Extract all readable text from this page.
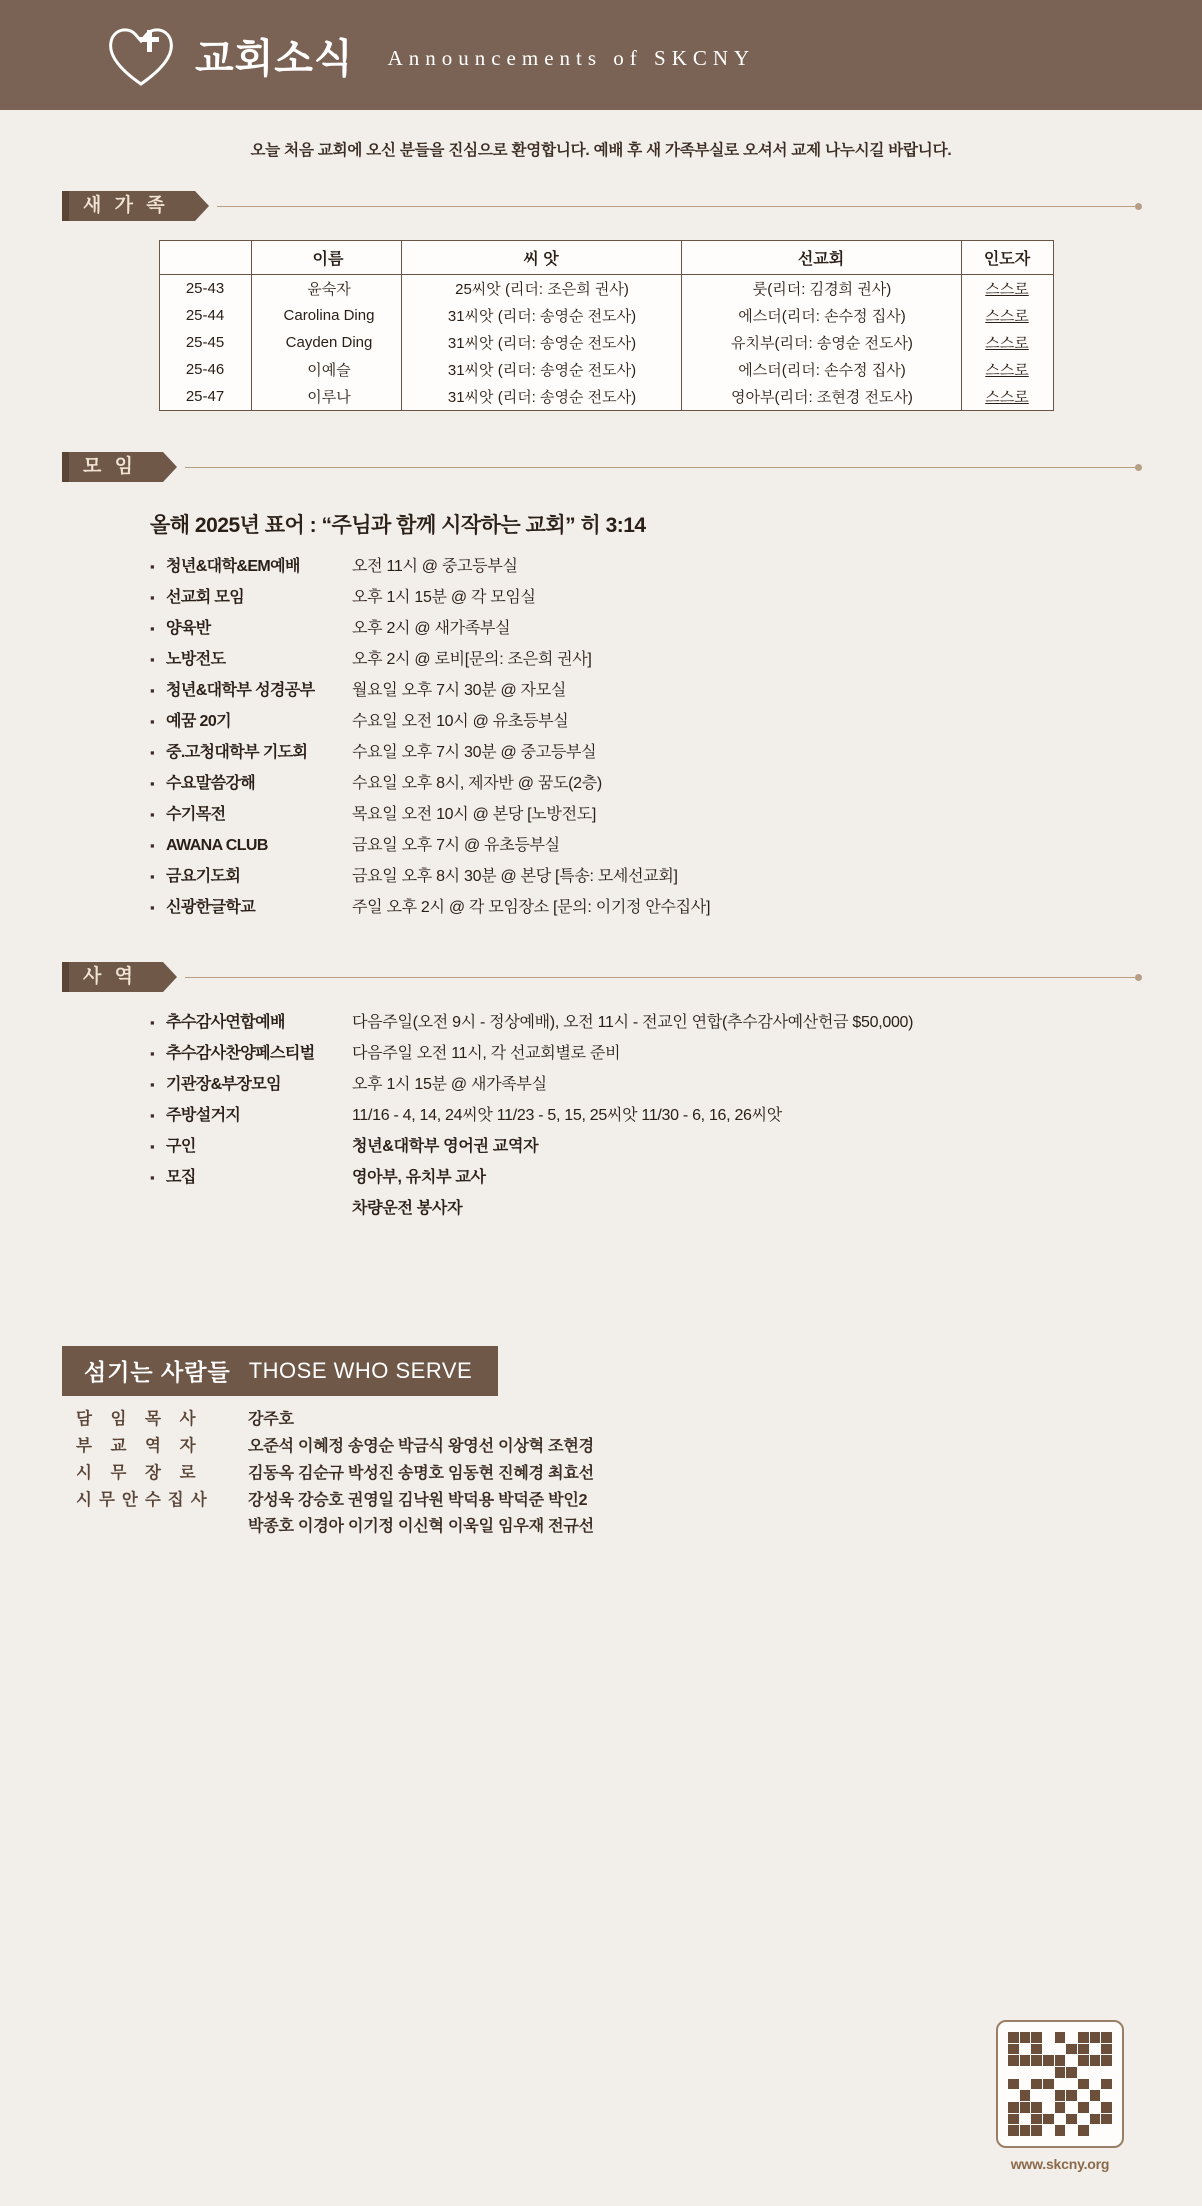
교회소식 Announcements of SKCNY
오늘 처음 교회에 오신 분들을 진심으로 환영합니다. 예배 후 새 가족부실로 오셔서 교제 나누시길 바랍니다.
새 가 족
	이름	씨 앗	선교회	인도자
25-43	윤숙자	25씨앗 (리더: 조은희 권사)	룻(리더: 김경희 권사)	스스로
25-44	Carolina Ding	31씨앗 (리더: 송영순 전도사)	에스더(리더: 손수정 집사)	스스로
25-45	Cayden Ding	31씨앗 (리더: 송영순 전도사)	유치부(리더: 송영순 전도사)	스스로
25-46	이예슬	31씨앗 (리더: 송영순 전도사)	에스더(리더: 손수정 집사)	스스로
25-47	이루나	31씨앗 (리더: 송영순 전도사)	영아부(리더: 조현경 전도사)	스스로
모 임
올해 2025년 표어 : “주님과 함께 시작하는 교회” 히 3:14
▪ 청년&대학&EM예배	오전 11시 @ 중고등부실
▪ 선교회 모임	오후 1시 15분 @ 각 모임실
▪ 양육반	오후 2시 @ 새가족부실
▪ 노방전도	오후 2시 @ 로비[문의: 조은희 권사]
▪ 청년&대학부 성경공부	월요일 오후 7시 30분 @ 자모실
▪ 예꿈 20기	수요일 오전 10시 @ 유초등부실
▪ 중.고청대학부 기도회	수요일 오후 7시 30분 @ 중고등부실
▪ 수요말씀강해	수요일 오후 8시, 제자반 @ 꿈도(2층)
▪ 수기목전	목요일 오전 10시 @ 본당 [노방전도]
▪ AWANA CLUB	금요일 오후 7시 @ 유초등부실
▪ 금요기도회	금요일 오후 8시 30분 @ 본당 [특송: 모세선교회]
▪ 신광한글학교	주일 오후 2시 @ 각 모임장소 [문의: 이기정 안수집사]
사 역
▪ 추수감사연합예배	다음주일(오전 9시 - 정상예배), 오전 11시 - 전교인 연합(추수감사예산헌금 $50,000)
▪ 추수감사찬양페스티벌	다음주일 오전 11시, 각 선교회별로 준비
▪ 기관장&부장모임	오후 1시 15분 @ 새가족부실
▪ 주방설거지	11/16 - 4, 14, 24씨앗 11/23 - 5, 15, 25씨앗 11/30 - 6, 16, 26씨앗
▪ 구인	청년&대학부 영어권 교역자
▪ 모집	영아부, 유치부 교사
차량운전 봉사자
섬기는 사람들 THOSE WHO SERVE
담 임 목 사	강주호
부 교 역 자	오준석 이혜정 송영순 박금식 왕영선 이상혁 조현경
시 무 장 로	김동옥 김순규 박성진 송명호 임동현 진혜경 최효선
시무안수집사	강성욱 강승호 권영일 김낙원 박덕용 박덕준 박인2
박종호 이경아 이기정 이신혁 이욱일 임우재 전규선
www.skcny.org
